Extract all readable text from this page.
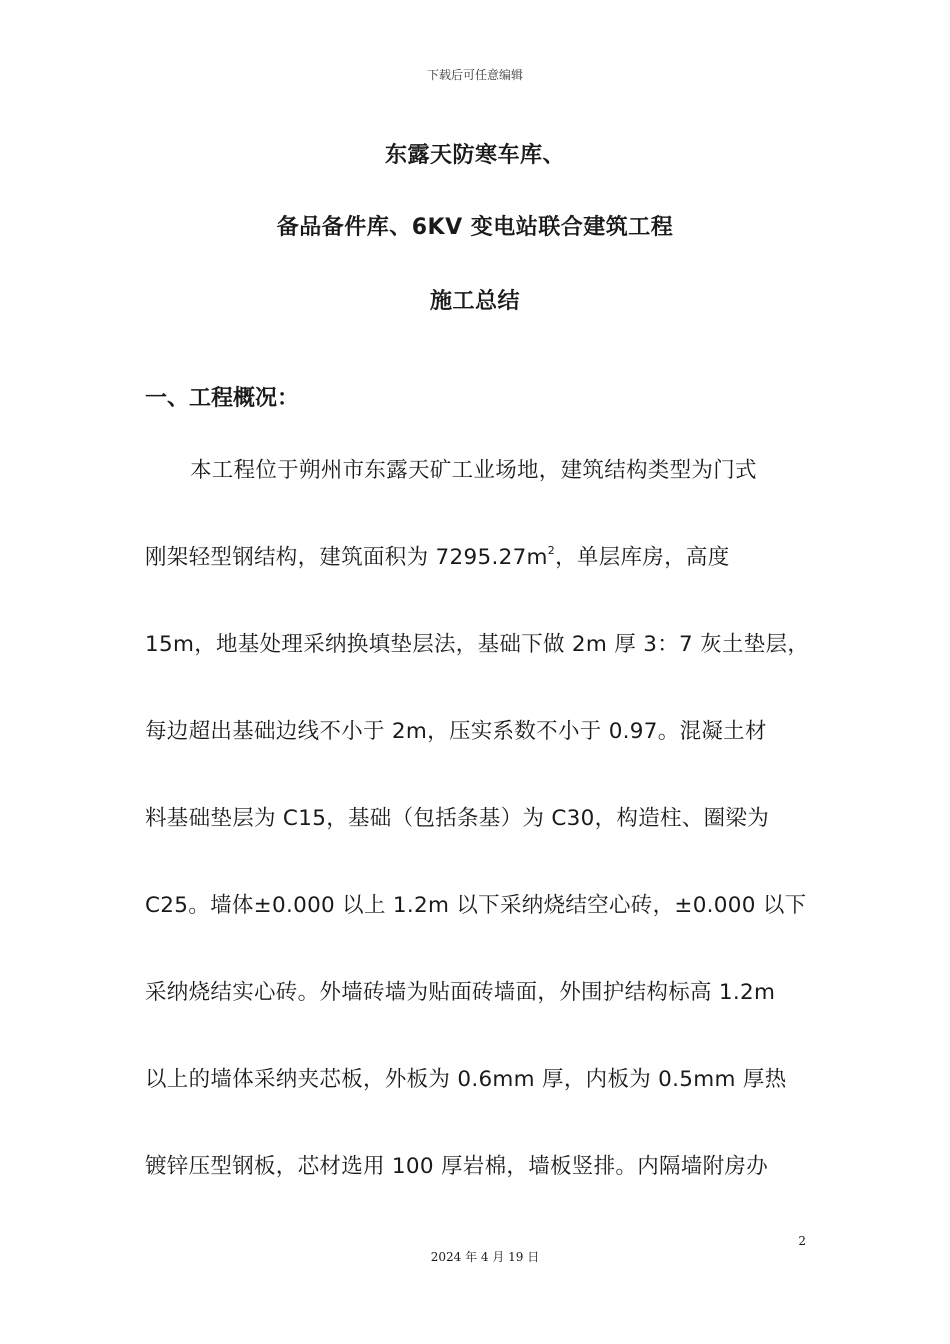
下载后可任意编辑
东露天防寒车库、
备品备件库、6KV 变电站联合建筑工程
施工总结
一、工程概况：
本工程位于朔州市东露天矿工业场地，建筑结构类型为门式
刚架轻型钢结构，建筑面积为 $7295.27m^2$，单层库房，高度
15m，地基处理采纳换填垫层法，基础下做 2m 厚 3：7 灰土垫层，
每边超出基础边线不小于 2m，压实系数不小于 0.97。混凝土材
料基础垫层为 C15，基础（包括条基）为 C30，构造柱、圈梁为
C25。墙体±0.000 以上 1.2m 以下采纳烧结空心砖，±0.000 以下
采纳烧结实心砖。外墙砖墙为贴面砖墙面，外围护结构标高 1.2m
以上的墙体采纳夹芯板，外板为 0.6mm 厚，内板为 0.5mm 厚热
镀锌压型钢板，芯材选用 100 厚岩棉，墙板竖排。内隔墙附房办
2
2024 年 4 月 19 日
